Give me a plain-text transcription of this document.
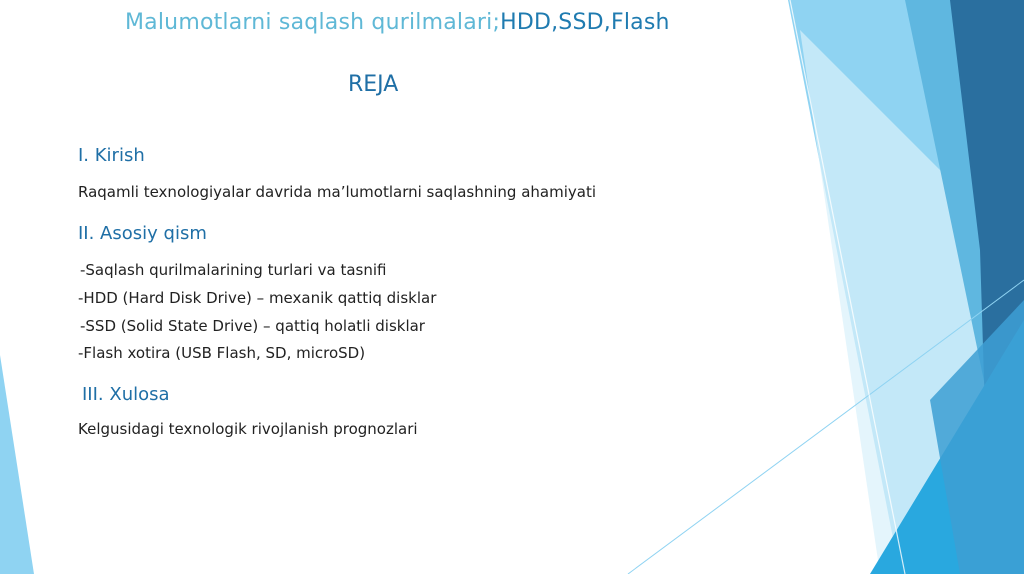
Malumotlarni saqlash qurilmalari;HDD,SSD,Flash
REJA
I. Kirish
Raqamli texnologiyalar davrida ma’lumotlarni saqlashning ahamiyati
II. Asosiy qism
-Saqlash qurilmalarining turlari va tasnifi
-HDD (Hard Disk Drive) – mexanik qattiq disklar
-SSD (Solid State Drive) – qattiq holatli disklar
-Flash xotira (USB Flash, SD, microSD)
III. Xulosa
Kelgusidagi texnologik rivojlanish prognozlari
